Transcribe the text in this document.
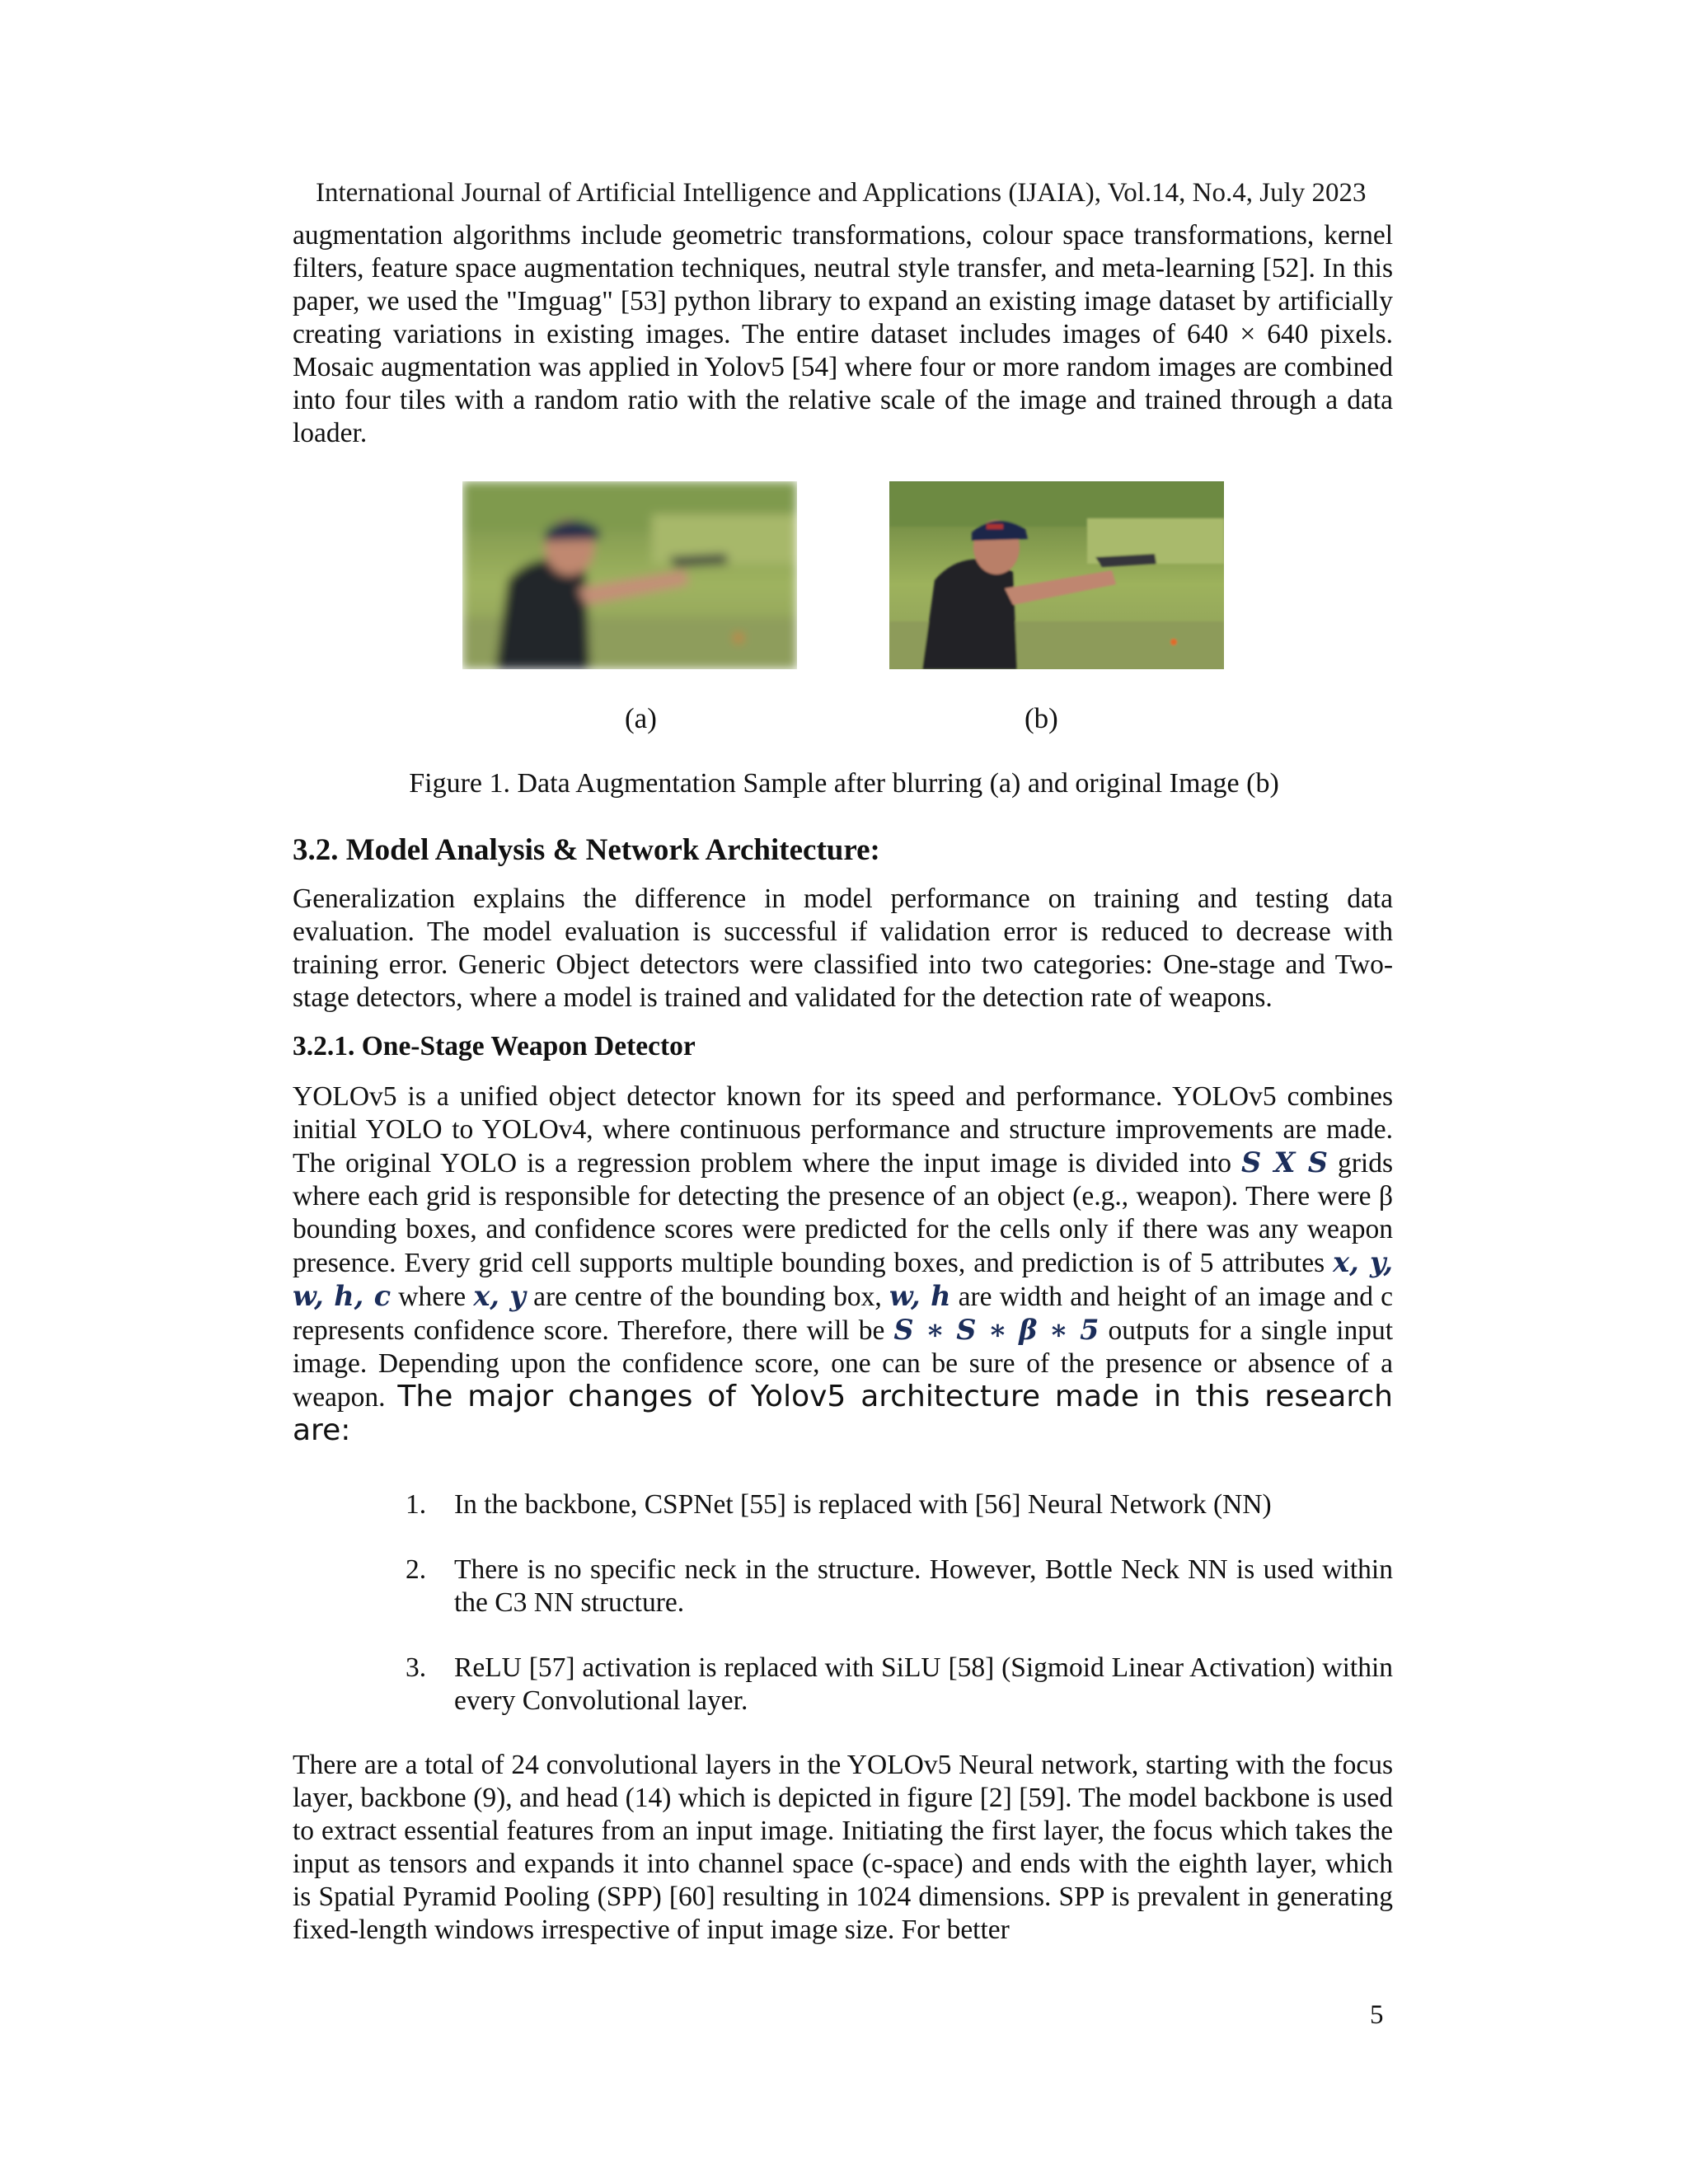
International Journal of Artificial Intelligence and Applications (IJAIA), Vol.14, No.4, July 2023
augmentation algorithms include geometric transformations, colour space transformations, kernel filters, feature space augmentation techniques, neutral style transfer, and meta-learning [52]. In this paper, we used the "Imguag" [53] python library to expand an existing image dataset by artificially creating variations in existing images. The entire dataset includes images of 640 × 640 pixels. Mosaic augmentation was applied in Yolov5 [54] where four or more random images are combined into four tiles with a random ratio with the relative scale of the image and trained through a data loader.
(a)	(b)
Figure 1. Data Augmentation Sample after blurring (a) and original Image (b)
3.2. Model Analysis & Network Architecture:
Generalization explains the difference in model performance on training and testing data evaluation. The model evaluation is successful if validation error is reduced to decrease with training error. Generic Object detectors were classified into two categories: One-stage and Two-stage detectors, where a model is trained and validated for the detection rate of weapons.
3.2.1. One-Stage Weapon Detector
YOLOv5 is a unified object detector known for its speed and performance. YOLOv5 combines initial YOLO to YOLOv4, where continuous performance and structure improvements are made. The original YOLO is a regression problem where the input image is divided into S X S grids where each grid is responsible for detecting the presence of an object (e.g., weapon). There were β bounding boxes, and confidence scores were predicted for the cells only if there was any weapon presence. Every grid cell supports multiple bounding boxes, and prediction is of 5 attributes x, y, w, h, c where x, y are centre of the bounding box, w, h are width and height of an image and c represents confidence score. Therefore, there will be S ∗ S ∗ β ∗ 5 outputs for a single input image. Depending upon the confidence score, one can be sure of the presence or absence of a weapon. The major changes of Yolov5 architecture made in this research are:
1. In the backbone, CSPNet [55] is replaced with [56] Neural Network (NN)
2. There is no specific neck in the structure. However, Bottle Neck NN is used within the C3 NN structure.
3. ReLU [57] activation is replaced with SiLU [58] (Sigmoid Linear Activation) within every Convolutional layer.
There are a total of 24 convolutional layers in the YOLOv5 Neural network, starting with the focus layer, backbone (9), and head (14) which is depicted in figure [2] [59]. The model backbone is used to extract essential features from an input image. Initiating the first layer, the focus which takes the input as tensors and expands it into channel space (c-space) and ends with the eighth layer, which is Spatial Pyramid Pooling (SPP) [60] resulting in 1024 dimensions. SPP is prevalent in generating fixed-length windows irrespective of input image size. For better
5
